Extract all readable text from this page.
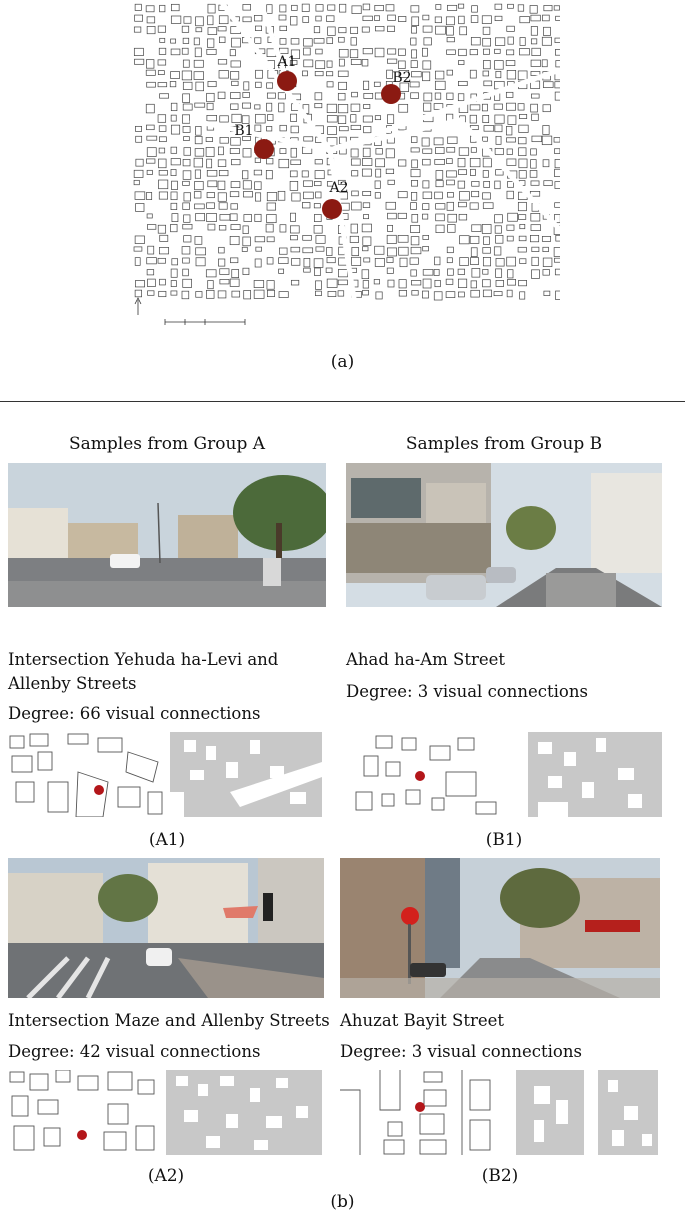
A1
B2
B1
A2
(a)
Samples from Group A	Samples from Group B
Intersection Yehuda ha-Levi and Allenby Streets
Degree: 66 visual connections
Ahad ha-Am Street
Degree: 3 visual connections
(A1)	(B1)
Intersection Maze and Allenby Streets
Degree: 42 visual connections
Ahuzat Bayit Street
Degree: 3 visual connections
(A2)	(B2)
(b)
